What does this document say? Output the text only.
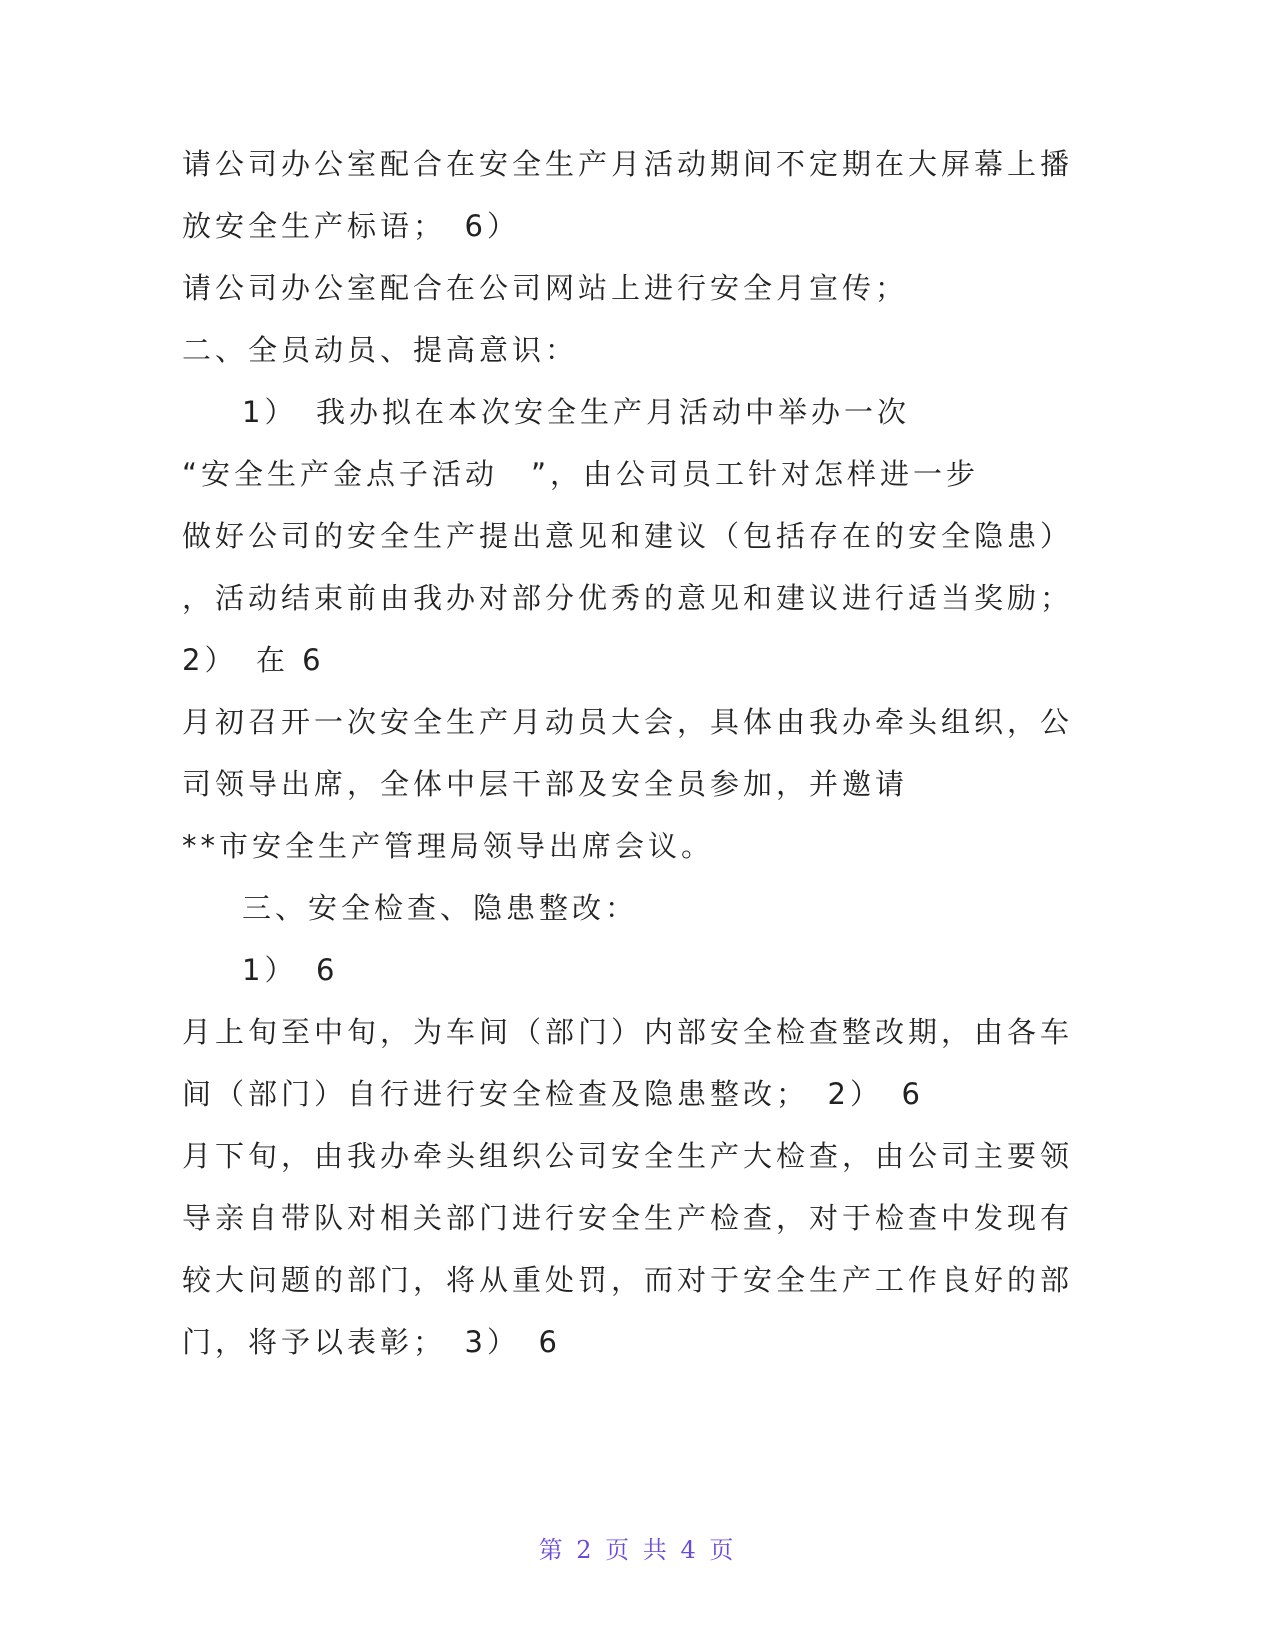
请公司办公室配合在安全生产月活动期间不定期在大屏幕上播
放安全生产标语；　6）
请公司办公室配合在公司网站上进行安全月宣传；
二、全员动员、提高意识：
1）　我办拟在本次安全生产月活动中举办一次
“安全生产金点子活动　”，由公司员工针对怎样进一步
做好公司的安全生产提出意见和建议（包括存在的安全隐患）
，活动结束前由我办对部分优秀的意见和建议进行适当奖励；
2）　在 6
月初召开一次安全生产月动员大会，具体由我办牵头组织，公
司领导出席，全体中层干部及安全员参加，并邀请
**市安全生产管理局领导出席会议。
三、安全检查、隐患整改：
1）　6
月上旬至中旬，为车间（部门）内部安全检查整改期，由各车
间（部门）自行进行安全检查及隐患整改；　2）　6
月下旬，由我办牵头组织公司安全生产大检查，由公司主要领
导亲自带队对相关部门进行安全生产检查，对于检查中发现有
较大问题的部门，将从重处罚，而对于安全生产工作良好的部
门，将予以表彰；　3）　6
第 2 页 共 4 页
